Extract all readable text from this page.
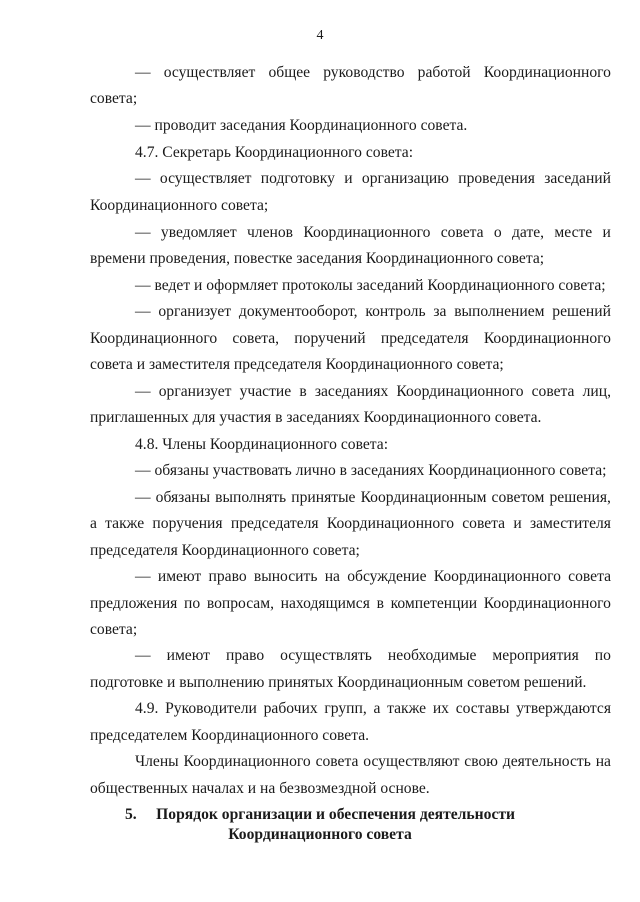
4
— осуществляет общее руководство работой Координационного
совета;
— проводит заседания Координационного совета.
4.7. Секретарь Координационного совета:
— осуществляет подготовку и организацию проведения заседаний
Координационного совета;
— уведомляет членов Координационного совета о дате, месте и
времени проведения, повестке заседания Координационного совета;
— ведет и оформляет протоколы заседаний Координационного совета;
— организует документооборот, контроль за выполнением решений
Координационного совета, поручений председателя Координационного
совета и заместителя председателя Координационного совета;
— организует участие в заседаниях Координационного совета лиц,
приглашенных для участия в заседаниях Координационного совета.
4.8. Члены Координационного совета:
— обязаны участвовать лично в заседаниях Координационного совета;
— обязаны выполнять принятые Координационным советом решения,
а также поручения председателя Координационного совета и заместителя
председателя Координационного совета;
— имеют право выносить на обсуждение Координационного совета
предложения по вопросам, находящимся в компетенции Координационного
совета;
— имеют право осуществлять необходимые мероприятия по
подготовке и выполнению принятых Координационным советом решений.
4.9. Руководители рабочих групп, а также их составы утверждаются
председателем Координационного совета.
Члены Координационного совета осуществляют свою деятельность на
общественных началах и на безвозмездной основе.
5. Порядок организации и обеспечения деятельности
Координационного совета
